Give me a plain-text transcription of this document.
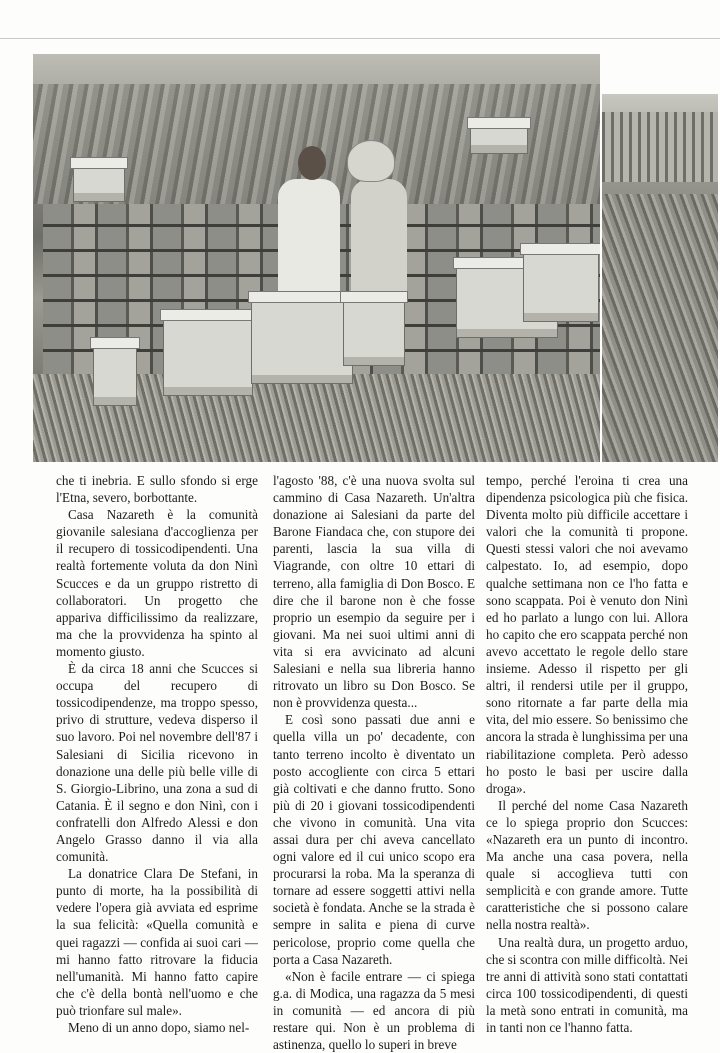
che ti inebria. E sullo sfondo si erge l'Etna, severo, borbottante.

Casa Nazareth è la comunità giovanile salesiana d'accoglienza per il recupero di tossicodipendenti. Una realtà fortemente voluta da don Ninì Scucces e da un gruppo ristretto di collaboratori. Un progetto che appariva difficilissimo da realizzare, ma che la provvidenza ha spinto al momento giusto.

È da circa 18 anni che Scucces si occupa del recupero di tossicodipendenze, ma troppo spesso, privo di strutture, vedeva disperso il suo lavoro. Poi nel novembre dell'87 i Salesiani di Sicilia ricevono in donazione una delle più belle ville di S. Giorgio-Librino, una zona a sud di Catania. È il segno e don Ninì, con i confratelli don Alfredo Alessi e don Angelo Grasso danno il via alla comunità.

La donatrice Clara De Stefani, in punto di morte, ha la possibilità di vedere l'opera già avviata ed esprime la sua felicità: «Quella comunità e quei ragazzi — confida ai suoi cari — mi hanno fatto ritrovare la fiducia nell'umanità. Mi hanno fatto capire che c'è della bontà nell'uomo e che può trionfare sul male».

Meno di un anno dopo, siamo nel-

l'agosto '88, c'è una nuova svolta sul cammino di Casa Nazareth. Un'altra donazione ai Salesiani da parte del Barone Fiandaca che, con stupore dei parenti, lascia la sua villa di Viagrande, con oltre 10 ettari di terreno, alla famiglia di Don Bosco. E dire che il barone non è che fosse proprio un esempio da seguire per i giovani. Ma nei suoi ultimi anni di vita si era avvicinato ad alcuni Salesiani e nella sua libreria hanno ritrovato un libro su Don Bosco. Se non è provvidenza questa...

E così sono passati due anni e quella villa un po' decadente, con tanto terreno incolto è diventato un posto accogliente con circa 5 ettari già coltivati e che danno frutto. Sono più di 20 i giovani tossicodipendenti che vivono in comunità. Una vita assai dura per chi aveva cancellato ogni valore ed il cui unico scopo era procurarsi la roba. Ma la speranza di tornare ad essere soggetti attivi nella società è fondata. Anche se la strada è sempre in salita e piena di curve pericolose, proprio come quella che porta a Casa Nazareth.

«Non è facile entrare — ci spiega g.a. di Modica, una ragazza da 5 mesi in comunità — ed ancora di più restare qui. Non è un problema di astinenza, quello lo superi in breve

tempo, perché l'eroina ti crea una dipendenza psicologica più che fisica. Diventa molto più difficile accettare i valori che la comunità ti propone. Questi stessi valori che noi avevamo calpestato. Io, ad esempio, dopo qualche settimana non ce l'ho fatta e sono scappata. Poi è venuto don Ninì ed ho parlato a lungo con lui. Allora ho capito che ero scappata perché non avevo accettato le regole dello stare insieme. Adesso il rispetto per gli altri, il rendersi utile per il gruppo, sono ritornate a far parte della mia vita, del mio essere. So benissimo che ancora la strada è lunghissima per una riabilitazione completa. Però adesso ho posto le basi per uscire dalla droga».

Il perché del nome Casa Nazareth ce lo spiega proprio don Scucces: «Nazareth era un punto di incontro. Ma anche una casa povera, nella quale si accoglieva tutti con semplicità e con grande amore. Tutte caratteristiche che si possono calare nella nostra realtà».

Una realtà dura, un progetto arduo, che si scontra con mille difficoltà. Nei tre anni di attività sono stati contattati circa 100 tossicodipendenti, di questi la metà sono entrati in comunità, ma in tanti non ce l'hanno fatta.
